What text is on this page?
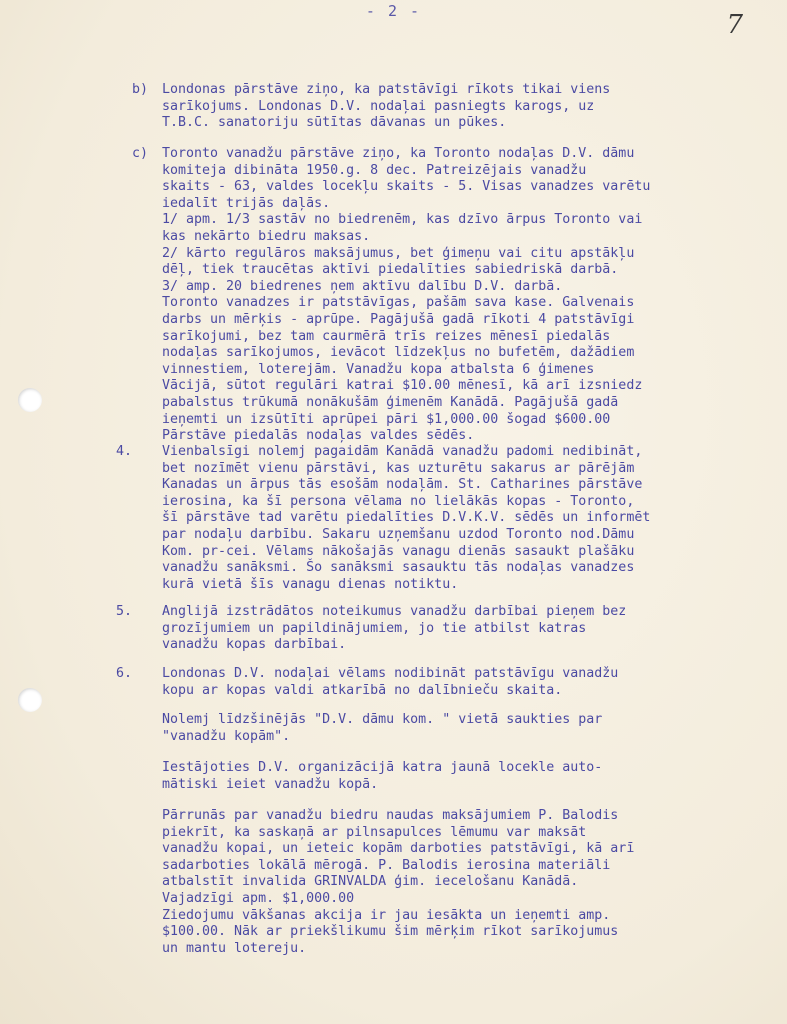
- 2 -	7
b) Londonas pārstāve ziņo, ka patstāvīgi rīkots tikai viens
sarīkojums. Londonas D.V. nodaļai pasniegts karogs, uz
T.B.C. sanatoriju sūtītas dāvanas un pūkes.
c) Toronto vanadžu pārstāve ziņo, ka Toronto nodaļas D.V. dāmu
komiteja dibināta 1950.g. 8 dec. Patreizējais vanadžu
skaits - 63, valdes locekļu skaits - 5. Visas vanadzes varētu
iedalīt trijās daļās.
1/ apm. 1/3 sastāv no biedrenēm, kas dzīvo ārpus Toronto vai
kas nekārto biedru maksas.
2/ kārto regulāros maksājumus, bet ģimeņu vai citu apstākļu
dēļ, tiek traucētas aktīvi piedalīties sabiedriskā darbā.
3/ amp. 20 biedrenes ņem aktīvu dalību D.V. darbā.
Toronto vanadzes ir patstāvīgas, pašām sava kase. Galvenais
darbs un mērķis - aprūpe. Pagājušā gadā rīkoti 4 patstāvīgi
sarīkojumi, bez tam caurmērā trīs reizes mēnesī piedalās
nodaļas sarīkojumos, ievācot līdzekļus no bufetēm, dažādiem
vinnestiem, loterejām. Vanadžu kopa atbalsta 6 ģimenes
Vācijā, sūtot regulāri katrai $10.00 mēnesī, kā arī izsniedz
pabalstus trūkumā nonākušām ģimenēm Kanādā. Pagājušā gadā
ieņemti un izsūtīti aprūpei pāri $1,000.00 šogad $600.00
Pārstāve piedalās nodaļas valdes sēdēs.
4. Vienbalsīgi nolemj pagaidām Kanādā vanadžu padomi nedibināt,
bet nozīmēt vienu pārstāvi, kas uzturētu sakarus ar pārējām
Kanadas un ārpus tās esošām nodaļām. St. Catharines pārstāve
ierosina, ka šī persona vēlama no lielākās kopas - Toronto,
šī pārstāve tad varētu piedalīties D.V.K.V. sēdēs un informēt
par nodaļu darbību. Sakaru uzņemšanu uzdod Toronto nod.Dāmu
Kom. pr-cei. Vēlams nākošajās vanagu dienās sasaukt plašāku
vanadžu sanāksmi. Šo sanāksmi sasauktu tās nodaļas vanadzes
kurā vietā šīs vanagu dienas notiktu.
5. Anglijā izstrādātos noteikumus vanadžu darbībai pieņem bez
grozījumiem un papildinājumiem, jo tie atbilst katras
vanadžu kopas darbībai.
6. Londonas D.V. nodaļai vēlams nodibināt patstāvīgu vanadžu
kopu ar kopas valdi atkarībā no dalībnieču skaita.
Nolemj līdzšinējās "D.V. dāmu kom. " vietā saukties par
"vanadžu kopām".
Iestājoties D.V. organizācijā katra jaunā locekle auto-
mātiski ieiet vanadžu kopā.
Pārrunās par vanadžu biedru naudas maksājumiem P. Balodis
piekrīt, ka saskaņā ar pilnsapulces lēmumu var maksāt
vanadžu kopai, un ieteic kopām darboties patstāvīgi, kā arī
sadarboties lokālā mērogā. P. Balodis ierosina materiāli
atbalstīt invalida GRINVALDA ģim. iecelošanu Kanādā.
Vajadzīgi apm. $1,000.00
Ziedojumu vākšanas akcija ir jau iesākta un ieņemti amp.
$100.00. Nāk ar priekšlikumu šim mērķim rīkot sarīkojumus
un mantu lotereju.
